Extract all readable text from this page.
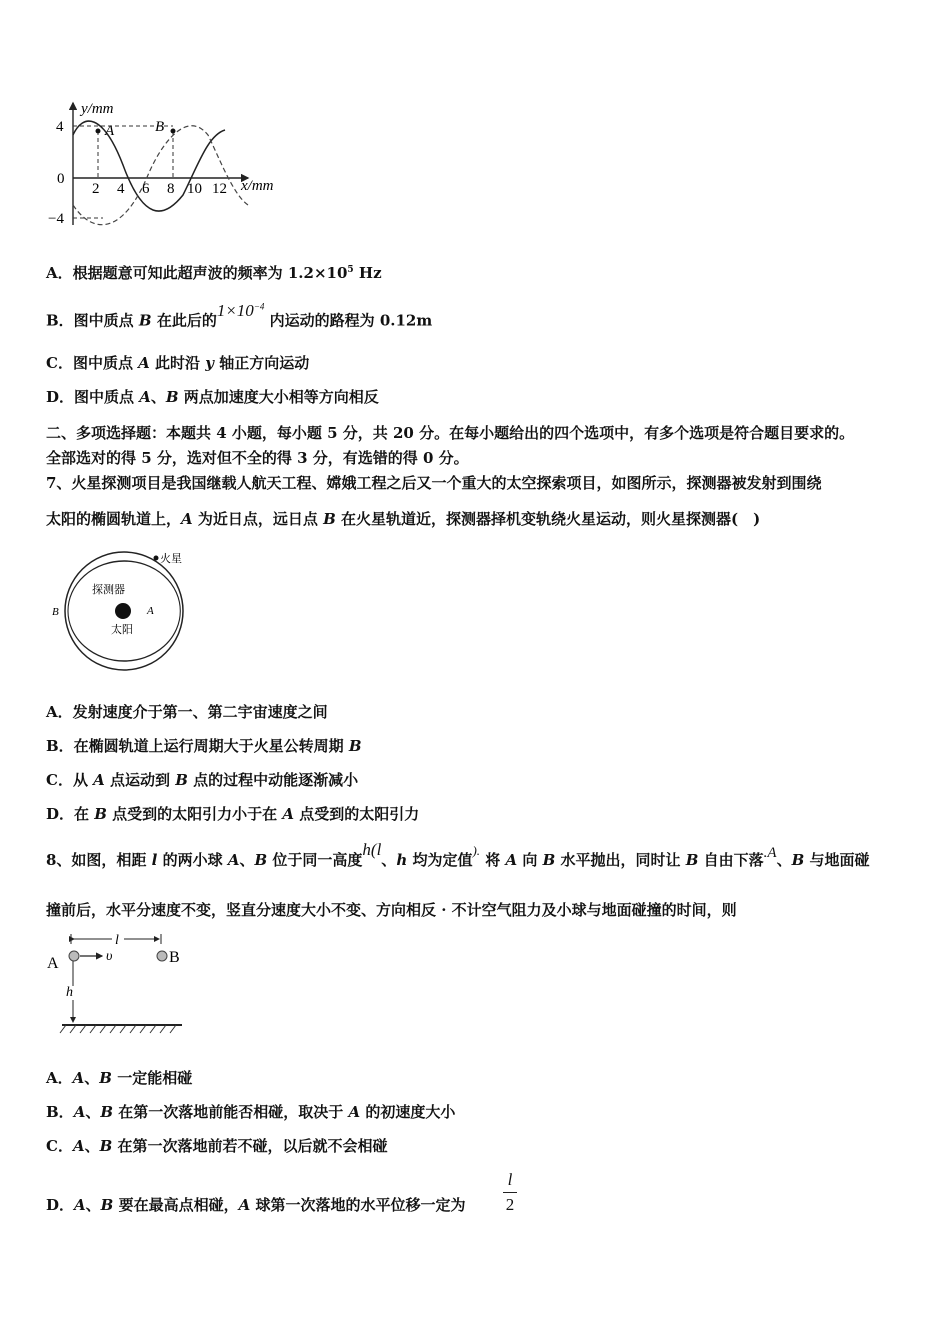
A	B
y/mm
x/mm
4
0
−4
2 4 6 8 10 12
A．根据题意可知此超声波的频率为 $1.2\times 10^5$ Hz
B．图中质点 B 在此后的$1\times 10^{-4}$ 内运动的路程为 0.12m
C．图中质点 A 此时沿 y 轴正方向运动
D．图中质点 A、B 两点加速度大小相等方向相反
二、多项选择题：本题共 4 小题，每小题 5 分，共 20 分。在每小题给出的四个选项中，有多个选项是符合题目要求的。
全部选对的得 5 分，选对但不全的得 3 分，有选错的得 0 分。
7、火星探测项目是我国继载人航天工程、嫦娥工程之后又一个重大的太空探索项目，如图所示，探测器被发射到围绕
太阳的椭圆轨道上，A 为近日点，远日点 B 在火星轨道近，探测器择机变轨绕火星运动，则火星探测器(　)
火星
探测器
太阳
A
B
A．发射速度介于第一、第二宇宙速度之间
B．在椭圆轨道上运行周期大于火星公转周期 B
C．从 A 点运动到 B 点的过程中动能逐渐减小
D．在 B 点受到的太阳引力小于在 A 点受到的太阳引力
8、如图，相距 l 的两小球 A、B 位于同一高度h(l、h 均为定值). 将 A 向 B 水平抛出，同时让 B 自由下落.A、B 与地面碰
撞前后，水平分速度不变，竖直分速度大小不变、方向相反 · 不计空气阻力及小球与地面碰撞的时间，则
l
υ
A	B
h
A．A、B 一定能相碰
B．A、B 在第一次落地前能否相碰，取决于 A 的初速度大小
C．A、B 在第一次落地前若不碰，以后就不会相碰
D．A、B 要在最高点相碰，A 球第一次落地的水平位移一定为
l
2
